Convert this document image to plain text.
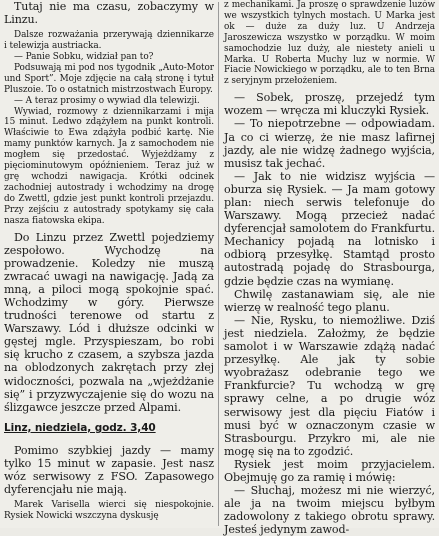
Tutaj nie ma czasu, zobaczymy w Linzu.

Dalsze rozważania przerywają dziennikarze i telewizja austriacka.

— Panie Sobku, widział pan to?

Podsuwają mi pod nos tygodnik „Auto-Motor und Sport”. Moje zdjęcie na całą stronę i tytuł Pluszoie. To o ostatnich mistrzostwach Europy.

— A teraz prosimy o wywiad dla telewizji.

Wywiad, rozmowy z dziennikarzami i mija 15 minut. Ledwo zdążyłem na punkt kontroli. Właściwie to Ewa zdążyła podbić kartę. Nie mamy punktów karnych. Ja z samochodem nie mogłem się przedostać. Wyjeżdżamy z pięciominutowym opóźnieniem. Teraz już w grę wchodzi nawigacja. Krótki odcinek zachodniej autostrady i wchodzimy na drogę do Zwettl, gdzie jest punkt kontroli przejazdu. Przy zejściu z autostrady spotykamy się cała nasza fiatowska ekipa.

Do Linzu przez Zwettl pojedziemy zespołowo. Wychodzę na prowadzenie. Koledzy nie muszą zwracać uwagi na nawigację. Jadą za mną, a piloci mogą spokojnie spać. Wchodzimy w góry. Pierwsze trudności terenowe od startu z Warszawy. Lód i dłuższe odcinki w gęstej mgle. Przyspieszam, bo robi się krucho z czasem, a szybsza jazda na oblodzonych zakrętach przy złej widoczności, pozwala na „wjeżdżanie się” i przyzwyczajenie się do wozu na ślizgawce jeszcze przed Alpami.

Linz, niedziela, godz. 3,40

Pomimo szybkiej jazdy — mamy tylko 15 minut w zapasie. Jest nasz wóz serwisowy z FSO. Zapasowego dyferencjału nie mają.

Marek Varisella wierci się niespokojnie. Rysiek Nowicki wszczyna dyskusję

z mechanikami. Ja proszę o sprawdzenie luzów we wszystkich tylnych mostach. U Marka jest ok — duże za duży luz. U Andrzeja Jaroszewicza wszystko w porządku. W moim samochodzie luz duży, ale niestety anieli u Marka. U Roberta Muchy luz w normie. W Fiacie Nowickiego w porządku, ale to ten Brna z seryjnym przełożeniem.

— Sobek, proszę, przejedź tym wozem — wręcza mi kluczyki Rysiek.

— To niepotrzebne — odpowiadam. Ja co ci wierzę, że nie masz lafirnej jazdy, ale nie widzę żadnego wyjścia, musisz tak jechać.

— Jak to nie widzisz wyjścia — oburza się Rysiek. — Ja mam gotowy plan: niech serwis telefonuje do Warszawy. Mogą przecież nadać dyferencjał samolotem do Frankfurtu. Mechanicy pojadą na lotnisko i odbiorą przesyłkę. Stamtąd prosto autostradą pojadę do Strasbourga, gdzie będzie czas na wymianę.

Chwilę zastanawiam się, ale nie wierzę w realność tego planu.

— Nie, Rysku, to niemożliwe. Dziś jest niedziela. Założmy, że będzie samolot i w Warszawie zdążą nadać przesyłkę. Ale jak ty sobie wyobrażasz odebranie tego we Frankfurcie? Tu wchodzą w grę sprawy celne, a po drugie wóz serwisowy jest dla pięciu Fiatów i musi być w oznaczonym czasie w Strasbourgu. Przykro mi, ale nie mogę się na to zgodzić.

Rysiek jest moim przyjacielem. Obejmuję go za ramię i mówię:

— Słuchaj, możesz mi nie wierzyć, ale ja na twoim miejscu byłbym zadowolony z takiego obrotu sprawy. Jesteś jedynym zawod-
